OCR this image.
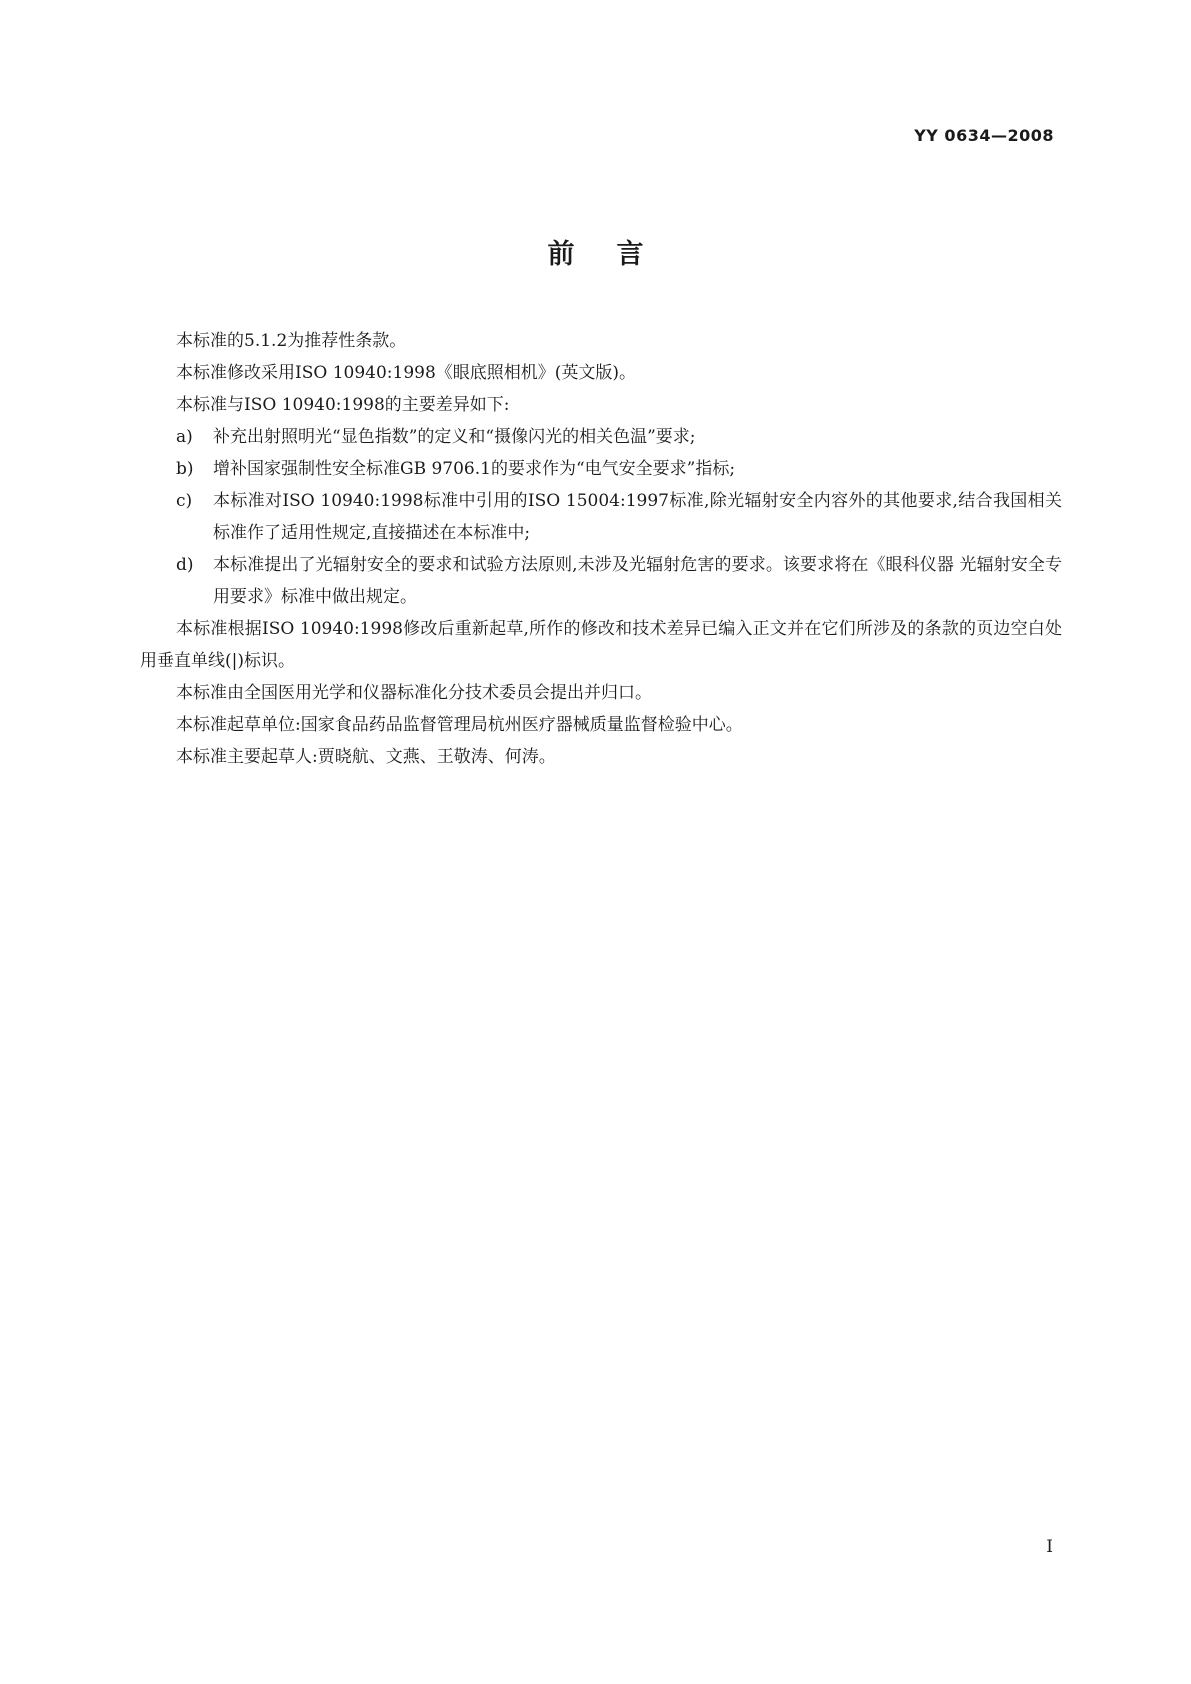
YY 0634—2008
前言

本标准的5.1.2为推荐性条款。

本标准修改采用ISO 10940:1998《眼底照相机》(英文版)。

本标准与ISO 10940:1998的主要差异如下:

a) 补充出射照明光“显色指数”的定义和“摄像闪光的相关色温”要求;
b) 增补国家强制性安全标准GB 9706.1的要求作为“电气安全要求”指标;
c) 本标准对ISO 10940:1998标准中引用的ISO 15004:1997标准,除光辐射安全内容外的其他要求,结合我国相关标准作了适用性规定,直接描述在本标准中;
d) 本标准提出了光辐射安全的要求和试验方法原则,未涉及光辐射危害的要求。该要求将在《眼科仪器 光辐射安全专用要求》标准中做出规定。

本标准根据ISO 10940:1998修改后重新起草,所作的修改和技术差异已编入正文并在它们所涉及的条款的页边空白处用垂直单线(|)标识。

本标准由全国医用光学和仪器标准化分技术委员会提出并归口。

本标准起草单位:国家食品药品监督管理局杭州医疗器械质量监督检验中心。

本标准主要起草人:贾晓航、文燕、王敬涛、何涛。

I
